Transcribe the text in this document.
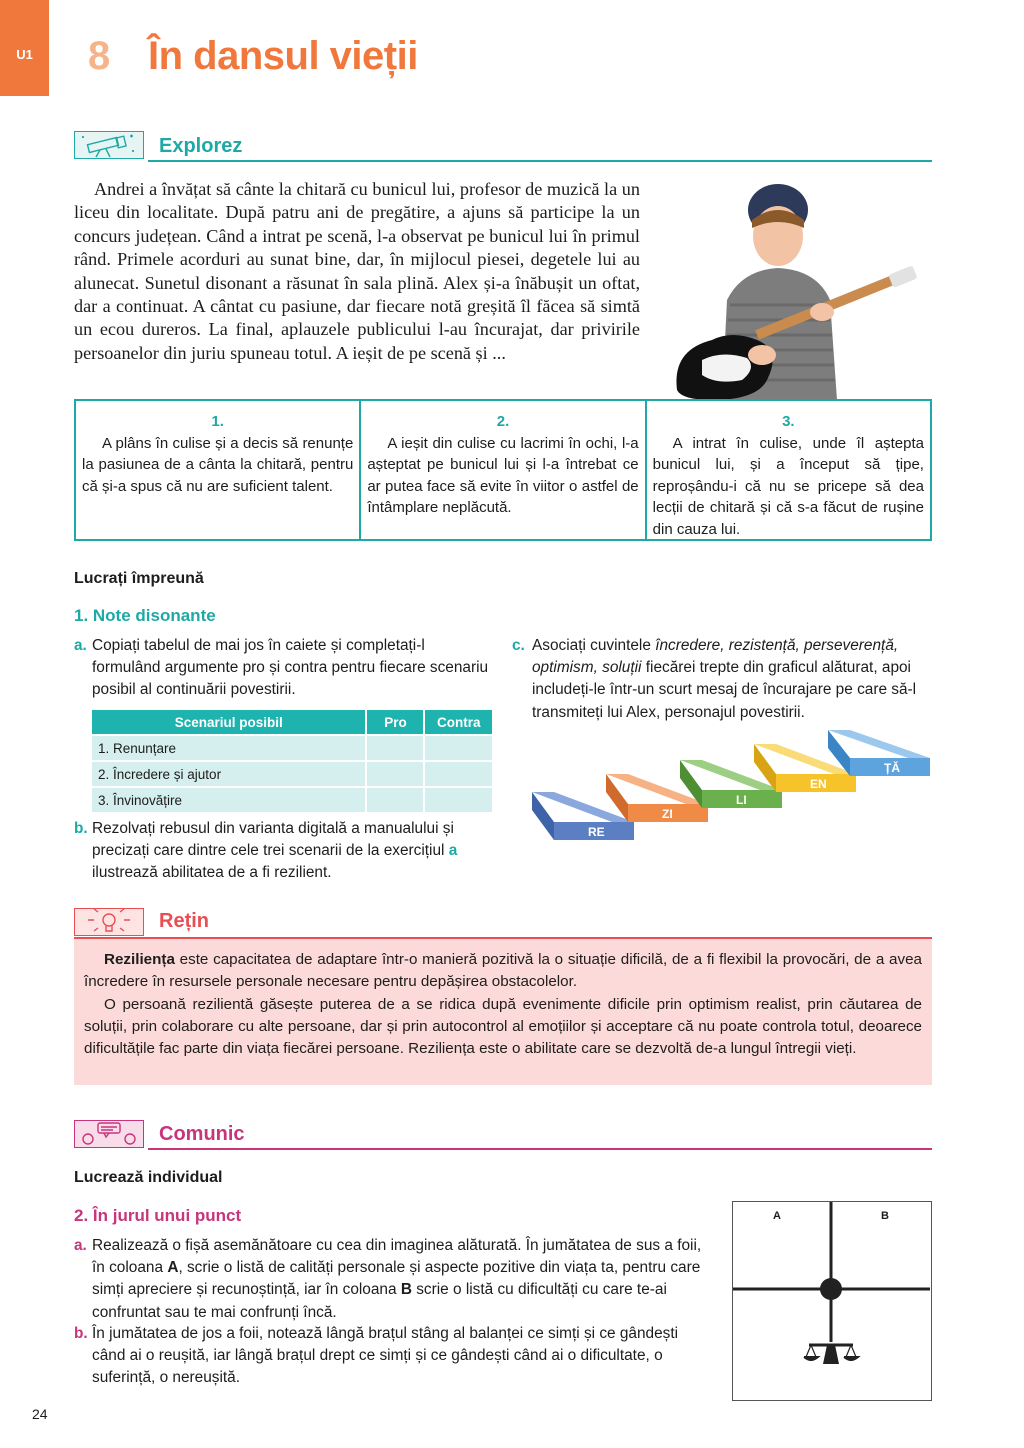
U1	8 În dansul vieții
Explorez
Andrei a învățat să cânte la chitară cu bunicul lui, profesor de muzică la un liceu din localitate. După patru ani de pregătire, a ajuns să participe la un concurs județean. Când a intrat pe scenă, l-a observat pe bunicul lui în primul rând. Primele acorduri au sunat bine, dar, în mijlocul piesei, degetele lui au alunecat. Sunetul disonant a răsunat în sala plină. Alex și-a înăbușit un oftat, dar a continuat. A cântat cu pasiune, dar fiecare notă greșită îl făcea să simtă un ecou dureros. La final, aplauzele publicului l-au încurajat, dar privirile persoanelor din juriu spuneau totul. A ieșit de pe scenă și ...
1.
A plâns în culise și a decis să renunțe la pasiunea de a cânta la chitară, pentru că și-a spus că nu are suficient talent.
2.
A ieșit din culise cu lacrimi în ochi, l-a așteptat pe bunicul lui și l-a întrebat ce ar putea face să evite în viitor o astfel de întâmplare neplăcută.
3.
A intrat în culise, unde îl aștepta bunicul lui, și a început să țipe, reproșându-i că nu se pricepe să dea lecții de chitară și că s-a făcut de rușine din cauza lui.
Lucrați împreună
1. Note disonante
a. Copiați tabelul de mai jos în caiete și completați-l formulând argumente pro și contra pentru fiecare scenariu posibil al continuării povestirii.
Scenariul posibil	Pro	Contra
1. Renunțare		
2. Încredere și ajutor		
3. Învinovățire		
b. Rezolvați rebusul din varianta digitală a manualului și precizați care dintre cele trei scenarii de la exercițiul a ilustrează abilitatea de a fi rezilient.
c. Asociați cuvintele încredere, rezistență, perseverență, optimism, soluții fiecărei trepte din graficul alăturat, apoi includeți-le într-un scurt mesaj de încurajare pe care să-l transmiteți lui Alex, personajul povestirii.
RE
ZI
LI
EN
ȚĂ
Rețin
Reziliența este capacitatea de adaptare într-o manieră pozitivă la o situație dificilă, de a fi flexibil la provocări, de a avea încredere în resursele personale necesare pentru depășirea obstacolelor.
O persoană rezilientă găsește puterea de a se ridica după evenimente dificile prin optimism realist, prin căutarea de soluții, prin colaborare cu alte persoane, dar și prin autocontrol al emoțiilor și acceptare că nu poate controla totul, deoarece dificultățile fac parte din viața fiecărei persoane. Reziliența este o abilitate care se dezvoltă de-a lungul întregii vieți.
Comunic
Lucrează individual
2. În jurul unui punct
a. Realizează o fișă asemănătoare cu cea din imaginea alăturată. În jumătatea de sus a foii, în coloana A, scrie o listă de calități personale și aspecte pozitive din viața ta, pentru care simți apreciere și recunoștință, iar în coloana B scrie o listă cu dificultăți cu care te-ai confruntat sau te mai confrunți încă.
b. În jumătatea de jos a foii, notează lângă brațul stâng al balanței ce simți și ce gândești când ai o reușită, iar lângă brațul drept ce simți și ce gândești când ai o dificultate, o suferință, o nereușită.
A	B
24
